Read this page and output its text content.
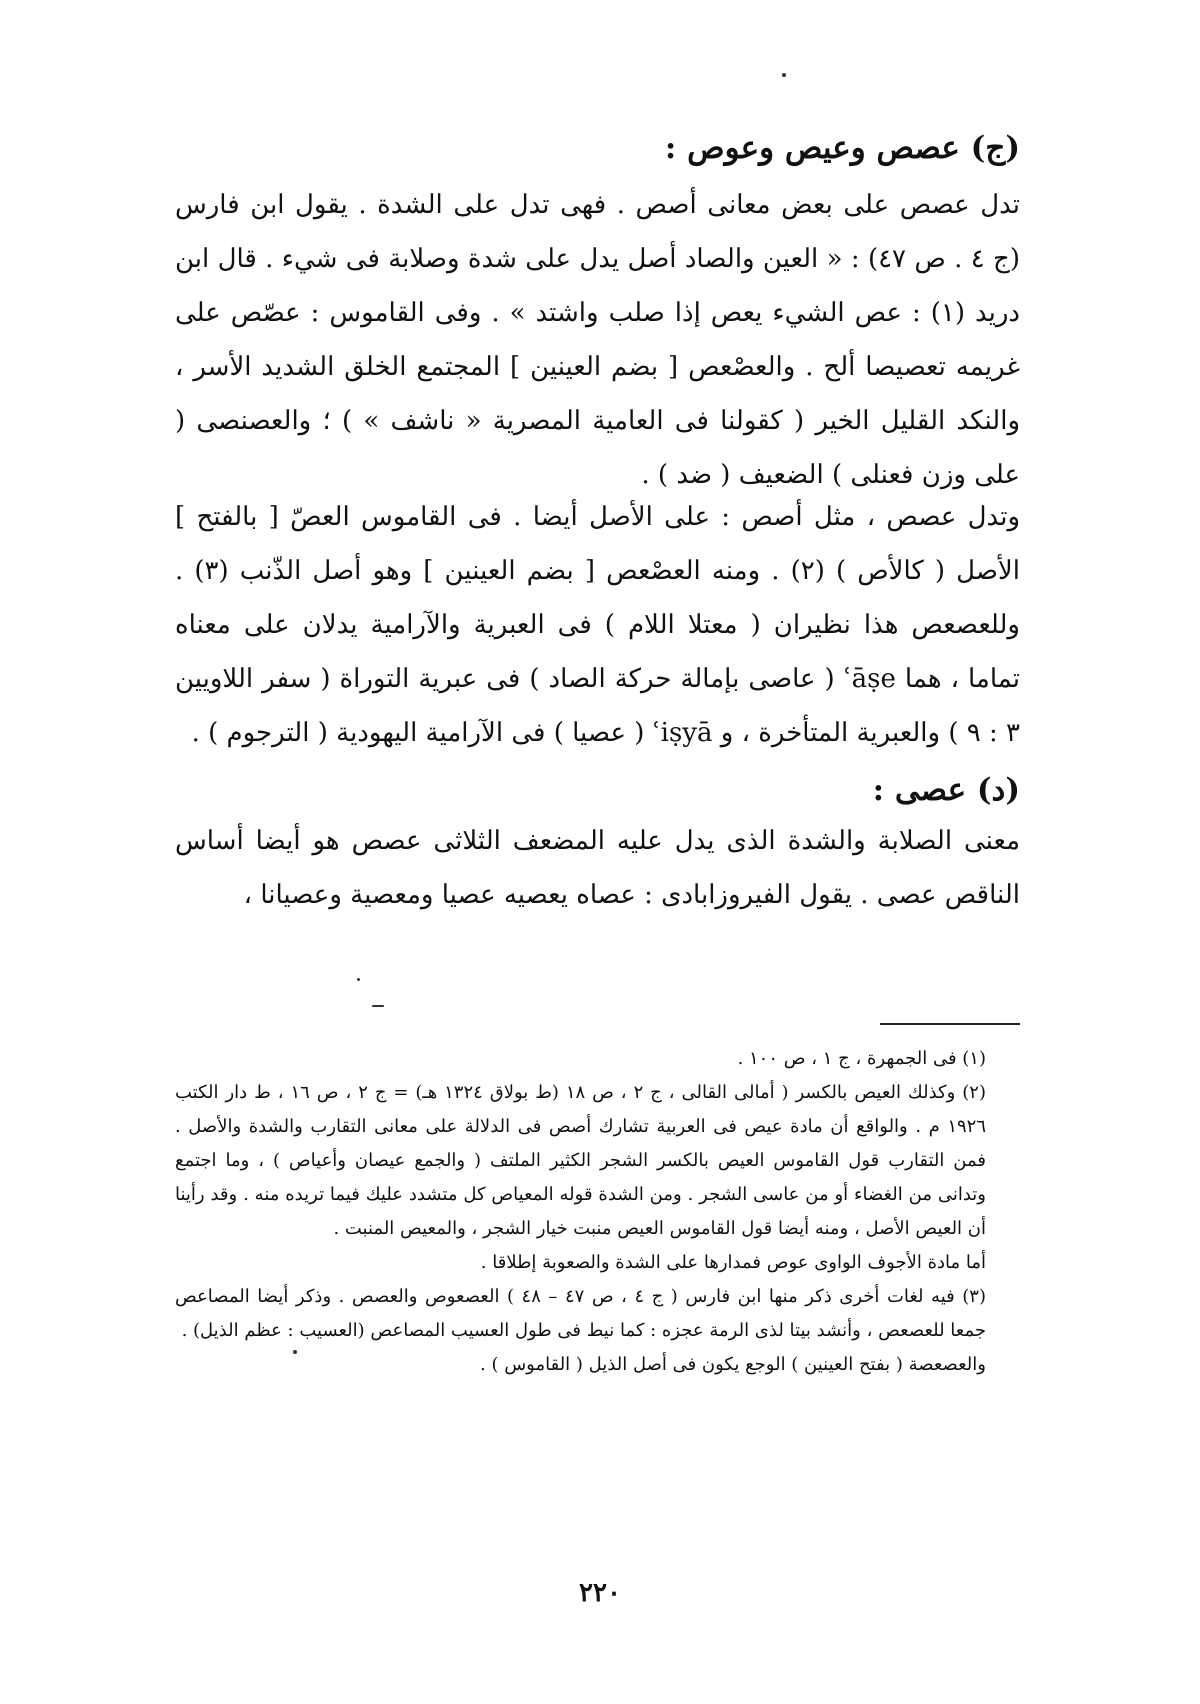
(ج) عصص وعيص وعوص :
تدل عصص على بعض معانى أصص . فهى تدل على الشدة . يقول ابن فارس (ج ٤ . ص ٤٧) : « العين والصاد أصل يدل على شدة وصلابة فى شيء . قال ابن دريد (١) : عص الشيء يعص إذا صلب واشتد » . وفى القاموس : عصّص على غريمه تعصيصا ألح . والعصْعص [ بضم العينين ] المجتمع الخلق الشديد الأسر ، والنكد القليل الخير ( كقولنا فى العامية المصرية « ناشف » ) ؛ والعصنصى ( على وزن فعنلى ) الضعيف ( ضد ) .
وتدل عصص ، مثل أصص : على الأصل أيضا . فى القاموس العصّ [ بالفتح ] الأصل ( كالأص ) (٢) . ومنه العصْعص [ بضم العينين ] وهو أصل الذّنب (٣) . وللعصعص هذا نظيران ( معتلا اللام ) فى العبرية والآرامية يدلان على معناه تماما ، هما ʿāṣe ( عاصى بإمالة حركة الصاد ) فى عبرية التوراة ( سفر اللاويين ٣ : ٩ ) والعبرية المتأخرة ، و ʿiṣyā ( عصيا ) فى الآرامية اليهودية ( الترجوم ) .
(د) عصى :
معنى الصلابة والشدة الذى يدل عليه المضعف الثلاثى عصص هو أيضا أساس الناقص عصى . يقول الفيروزابادى : عصاه يعصيه عصيا ومعصية وعصيانا ،
(١) فى الجمهرة ، ج ١ ، ص ١٠٠ .
(٢) وكذلك العيص بالكسر ( أمالى القالى ، ج ٢ ، ص ١٨ (ط بولاق ١٣٢٤ هـ) = ج ٢ ، ص ١٦ ، ط دار الكتب ١٩٢٦ م . والواقع أن مادة عيص فى العربية تشارك أصص فى الدلالة على معانى التقارب والشدة والأصل . فمن التقارب قول القاموس العيص بالكسر الشجر الكثير الملتف ( والجمع عيصان وأعياص ) ، وما اجتمع وتدانى من الغضاء أو من عاسى الشجر . ومن الشدة قوله المعياص كل متشدد عليك فيما تريده منه . وقد رأينا أن العيص الأصل ، ومنه أيضا قول القاموس العيص منبت خيار الشجر ، والمعيص المنبت .
أما مادة الأجوف الواوى عوص فمدارها على الشدة والصعوبة إطلاقا .
(٣) فيه لغات أخرى ذكر منها ابن فارس ( ج ٤ ، ص ٤٧ – ٤٨ ) العصعوص والعصص . وذكر أيضا المصاعص جمعا للعصعص ، وأنشد بيتا لذى الرمة عجزه : كما نيط فى طول العسيب المصاعص (العسيب : عظم الذيل) .
والعصعصة ( بفتح العينين ) الوجع يكون فى أصل الذيل ( القاموس ) .
٢٢٠
